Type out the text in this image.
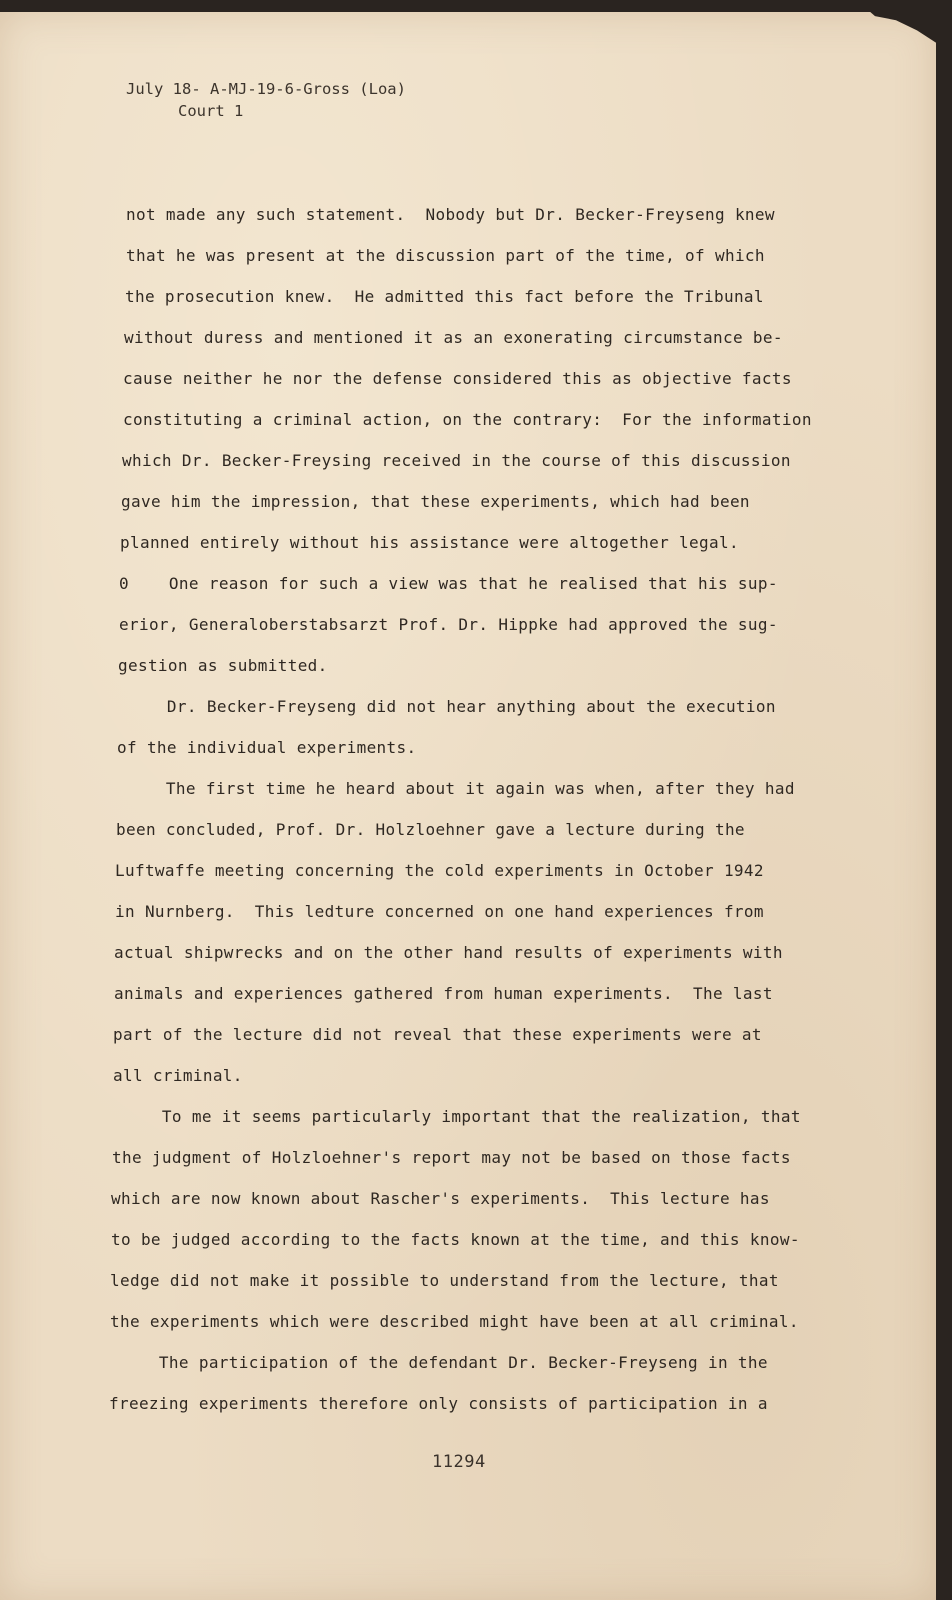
July 18- A-MJ-19-6-Gross (Loa)

Court 1
not made any such statement.  Nobody but Dr. Becker-Freyseng knew
that he was present at the discussion part of the time, of which
the prosecution knew.  He admitted this fact before the Tribunal
without duress and mentioned it as an exonerating circumstance be-
cause neither he nor the defense considered this as objective facts
constituting a criminal action, on the contrary:  For the information
which Dr. Becker-Freysing received in the course of this discussion
gave him the impression, that these experiments, which had been
planned entirely without his assistance were altogether legal.
0    One reason for such a view was that he realised that his sup-
erior, Generaloberstabsarzt Prof. Dr. Hippke had approved the sug-
gestion as submitted.
Dr. Becker-Freyseng did not hear anything about the execution
of the individual experiments.
The first time he heard about it again was when, after they had
been concluded, Prof. Dr. Holzloehner gave a lecture during the
Luftwaffe meeting concerning the cold experiments in October 1942
in Nurnberg.  This ledture concerned on one hand experiences from
actual shipwrecks and on the other hand results of experiments with
animals and experiences gathered from human experiments.  The last
part of the lecture did not reveal that these experiments were at
all criminal.
To me it seems particularly important that the realization, that
the judgment of Holzloehner's report may not be based on those facts
which are now known about Rascher's experiments.  This lecture has
to be judged according to the facts known at the time, and this know-
ledge did not make it possible to understand from the lecture, that
the experiments which were described might have been at all criminal.
The participation of the defendant Dr. Becker-Freyseng in the
freezing experiments therefore only consists of participation in a
11294
